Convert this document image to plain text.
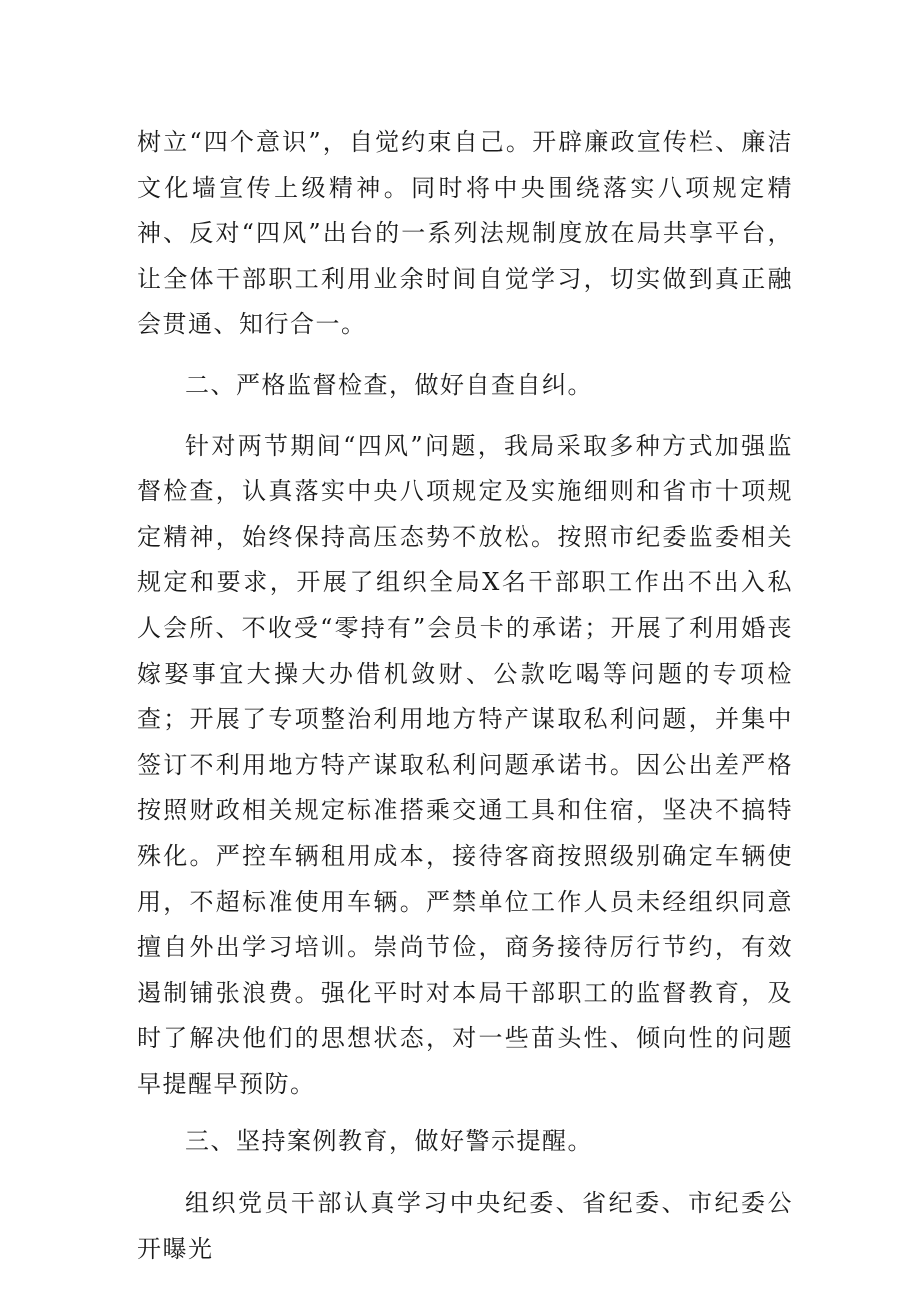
树立“四个意识”，自觉约束自己。开辟廉政宣传栏、廉洁文化墙宣传上级精神。同时将中央围绕落实八项规定精神、反对“四风”出台的一系列法规制度放在局共享平台，让全体干部职工利用业余时间自觉学习，切实做到真正融会贯通、知行合一。

二、严格监督检查，做好自查自纠。

针对两节期间“四风”问题，我局采取多种方式加强监督检查，认真落实中央八项规定及实施细则和省市十项规定精神，始终保持高压态势不放松。按照市纪委监委相关规定和要求，开展了组织全局X名干部职工作出不出入私人会所、不收受“零持有”会员卡的承诺；开展了利用婚丧嫁娶事宜大操大办借机敛财、公款吃喝等问题的专项检查；开展了专项整治利用地方特产谋取私利问题，并集中签订不利用地方特产谋取私利问题承诺书。因公出差严格按照财政相关规定标准搭乘交通工具和住宿，坚决不搞特殊化。严控车辆租用成本，接待客商按照级别确定车辆使用，不超标准使用车辆。严禁单位工作人员未经组织同意擅自外出学习培训。崇尚节俭，商务接待厉行节约，有效遏制铺张浪费。强化平时对本局干部职工的监督教育，及时了解决他们的思想状态，对一些苗头性、倾向性的问题早提醒早预防。

三、坚持案例教育，做好警示提醒。

组织党员干部认真学习中央纪委、省纪委、市纪委公开曝光
